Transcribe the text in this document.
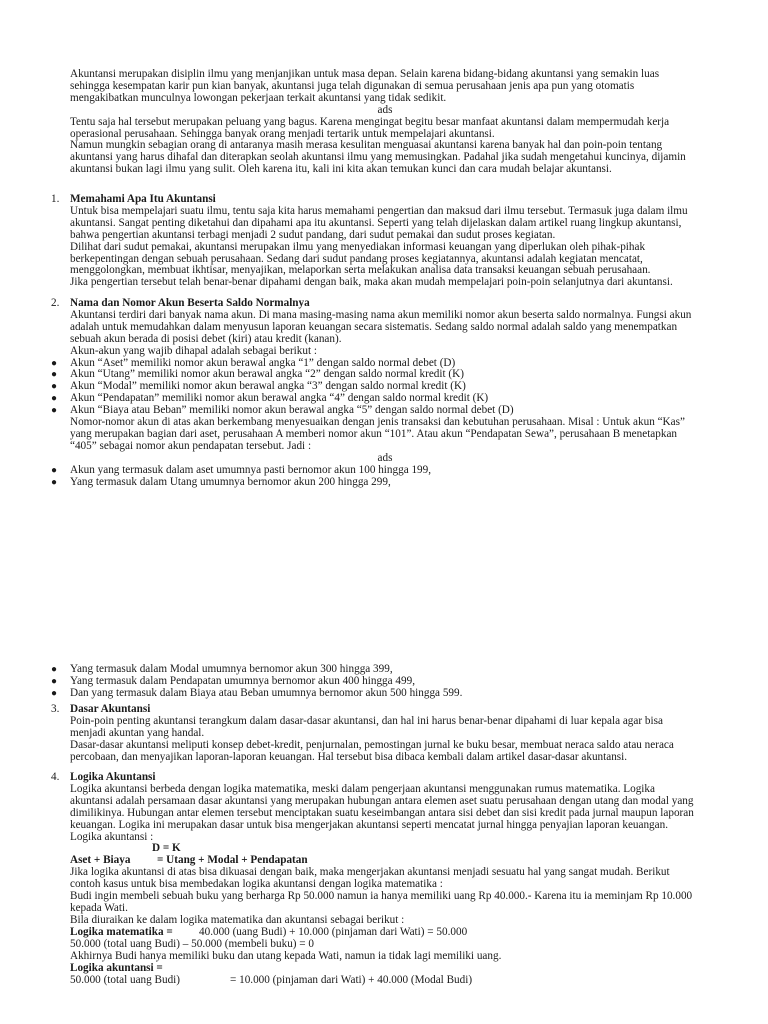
Akuntansi merupakan disiplin ilmu yang menjanjikan untuk masa depan. Selain karena bidang-bidang akuntansi yang semakin luas sehingga kesempatan karir pun kian banyak, akuntansi juga telah digunakan di semua perusahaan jenis apa pun yang otomatis mengakibatkan munculnya lowongan pekerjaan terkait akuntansi yang tidak sedikit.

ads

Tentu saja hal tersebut merupakan peluang yang bagus. Karena mengingat begitu besar manfaat akuntansi dalam mempermudah kerja operasional perusahaan. Sehingga banyak orang menjadi tertarik untuk mempelajari akuntansi.

Namun mungkin sebagian orang di antaranya masih merasa kesulitan menguasai akuntansi karena banyak hal dan poin-poin tentang akuntansi yang harus dihafal dan diterapkan seolah akuntansi ilmu yang memusingkan. Padahal jika sudah mengetahui kuncinya, dijamin akuntansi bukan lagi ilmu yang sulit. Oleh karena itu, kali ini kita akan temukan kunci dan cara mudah belajar akuntansi.

1. Memahami Apa Itu Akuntansi

Untuk bisa mempelajari suatu ilmu, tentu saja kita harus memahami pengertian dan maksud dari ilmu tersebut. Termasuk juga dalam ilmu akuntansi. Sangat penting diketahui dan dipahami apa itu akuntansi. Seperti yang telah dijelaskan dalam artikel ruang lingkup akuntansi, bahwa pengertian akuntansi terbagi menjadi 2 sudut pandang, dari sudut pemakai dan sudut proses kegiatan.

Dilihat dari sudut pemakai, akuntansi merupakan ilmu yang menyediakan informasi keuangan yang diperlukan oleh pihak-pihak berkepentingan dengan sebuah perusahaan. Sedang dari sudut pandang proses kegiatannya, akuntansi adalah kegiatan mencatat, menggolongkan, membuat ikhtisar, menyajikan, melaporkan serta melakukan analisa data transaksi keuangan sebuah perusahaan.

Jika pengertian tersebut telah benar-benar dipahami dengan baik, maka akan mudah mempelajari poin-poin selanjutnya dari akuntansi.

2. Nama dan Nomor Akun Beserta Saldo Normalnya

Akuntansi terdiri dari banyak nama akun. Di mana masing-masing nama akun memiliki nomor akun beserta saldo normalnya. Fungsi akun adalah untuk memudahkan dalam menyusun laporan keuangan secara sistematis. Sedang saldo normal adalah saldo yang menempatkan sebuah akun berada di posisi debet (kiri) atau kredit (kanan).

Akun-akun yang wajib dihapal adalah sebagai berikut :

● Akun “Aset” memiliki nomor akun berawal angka “1” dengan saldo normal debet (D)

● Akun “Utang” memiliki nomor akun berawal angka “2” dengan saldo normal kredit (K)

● Akun “Modal” memiliki nomor akun berawal angka “3” dengan saldo normal kredit (K)

● Akun “Pendapatan” memiliki nomor akun berawal angka “4” dengan saldo normal kredit (K)

● Akun “Biaya atau Beban” memiliki nomor akun berawal angka “5” dengan saldo normal debet (D)

Nomor-nomor akun di atas akan berkembang menyesuaikan dengan jenis transaksi dan kebutuhan perusahaan. Misal : Untuk akun “Kas” yang merupakan bagian dari aset, perusahaan A memberi nomor akun “101”. Atau akun “Pendapatan Sewa”, perusahaan B menetapkan “405” sebagai nomor akun pendapatan tersebut. Jadi :

ads

● Akun yang termasuk dalam aset umumnya pasti bernomor akun 100 hingga 199,

● Yang termasuk dalam Utang umumnya bernomor akun 200 hingga 299,

● Yang termasuk dalam Modal umumnya bernomor akun 300 hingga 399,

● Yang termasuk dalam Pendapatan umumnya bernomor akun 400 hingga 499,

● Dan yang termasuk dalam Biaya atau Beban umumnya bernomor akun 500 hingga 599.

3. Dasar Akuntansi

Poin-poin penting akuntansi terangkum dalam dasar-dasar akuntansi, dan hal ini harus benar-benar dipahami di luar kepala agar bisa menjadi akuntan yang handal.

Dasar-dasar akuntansi meliputi konsep debet-kredit, penjurnalan, pemostingan jurnal ke buku besar, membuat neraca saldo atau neraca percobaan, dan menyajikan laporan-laporan keuangan. Hal tersebut bisa dibaca kembali dalam artikel dasar-dasar akuntansi.

4. Logika Akuntansi

Logika akuntansi berbeda dengan logika matematika, meski dalam pengerjaan akuntansi menggunakan rumus matematika. Logika akuntansi adalah persamaan dasar akuntansi yang merupakan hubungan antara elemen aset suatu perusahaan dengan utang dan modal yang dimilikinya. Hubungan antar elemen tersebut menciptakan suatu keseimbangan antara sisi debet dan sisi kredit pada jurnal maupun laporan keuangan. Logika ini merupakan dasar untuk bisa mengerjakan akuntansi seperti mencatat jurnal hingga penyajian laporan keuangan.

Logika akuntansi :

D = K
Aset + Biaya = Utang + Modal + Pendapatan

Jika logika akuntansi di atas bisa dikuasai dengan baik, maka mengerjakan akuntansi menjadi sesuatu hal yang sangat mudah. Berikut contoh kasus untuk bisa membedakan logika akuntansi dengan logika matematika :

Budi ingin membeli sebuah buku yang berharga Rp 50.000 namun ia hanya memiliki uang Rp 40.000.- Karena itu ia meminjam Rp 10.000 kepada Wati.

Bila diuraikan ke dalam logika matematika dan akuntansi sebagai berikut :

Logika matematika = 40.000 (uang Budi) + 10.000 (pinjaman dari Wati) = 50.000

50.000 (total uang Budi) – 50.000 (membeli buku) = 0

Akhirnya Budi hanya memiliki buku dan utang kepada Wati, namun ia tidak lagi memiliki uang.

Logika akuntansi =

50.000 (total uang Budi)	= 10.000 (pinjaman dari Wati) + 40.000 (Modal Budi)
